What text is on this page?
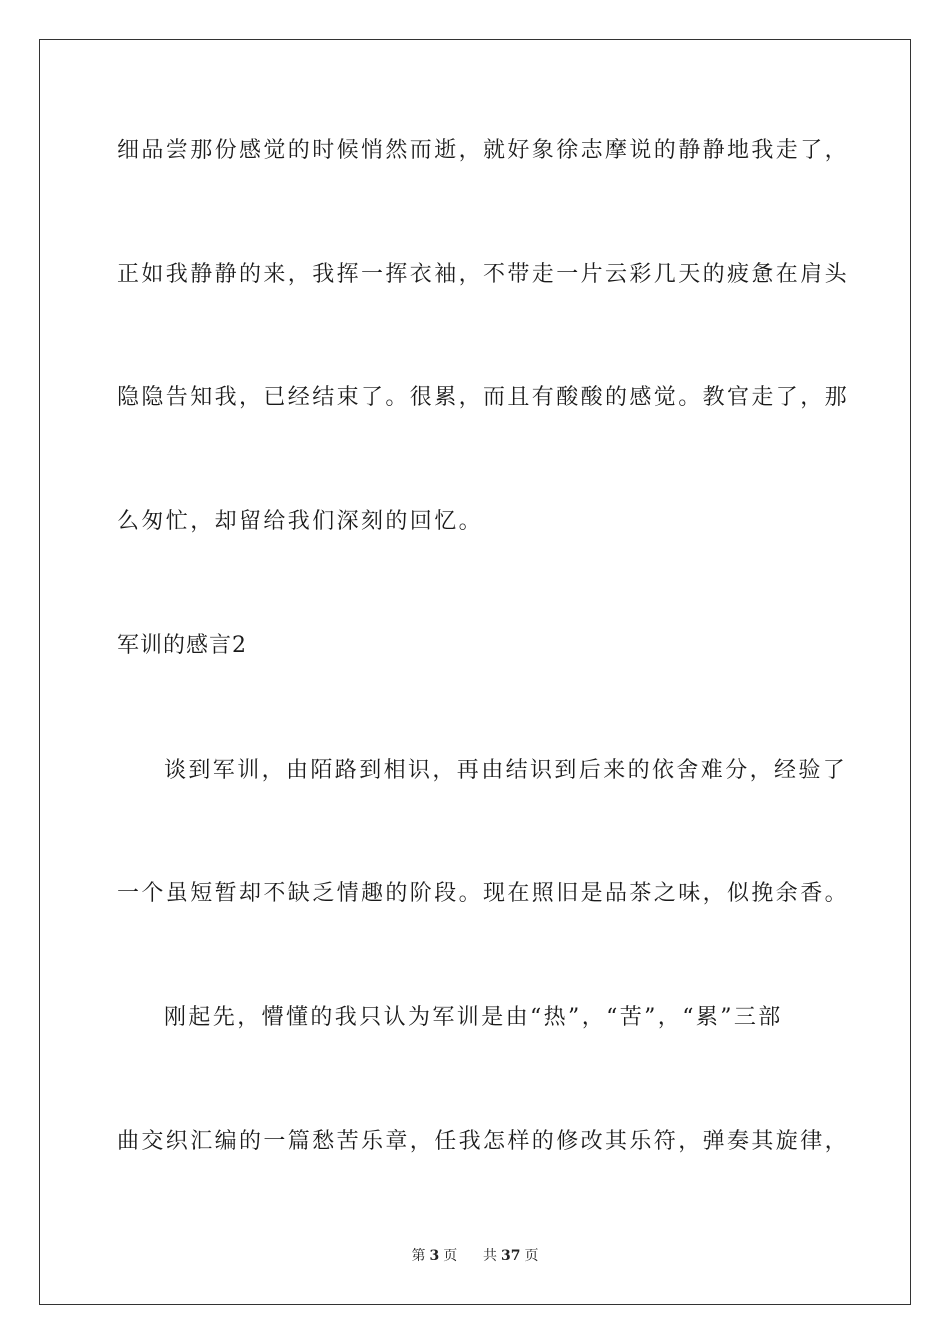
细品尝那份感觉的时候悄然而逝，就好象徐志摩说的静静地我走了，
正如我静静的来，我挥一挥衣袖，不带走一片云彩几天的疲惫在肩头
隐隐告知我，已经结束了。很累，而且有酸酸的感觉。教官走了，那
么匆忙，却留给我们深刻的回忆。
军训的感言2
谈到军训，由陌路到相识，再由结识到后来的依舍难分，经验了
一个虽短暂却不缺乏情趣的阶段。现在照旧是品茶之味，似挽余香。
刚起先，懵懂的我只认为军训是由“热”，“苦”，“累”三部
曲交织汇编的一篇愁苦乐章，任我怎样的修改其乐符，弹奏其旋律，
第 3 页 共 37 页
